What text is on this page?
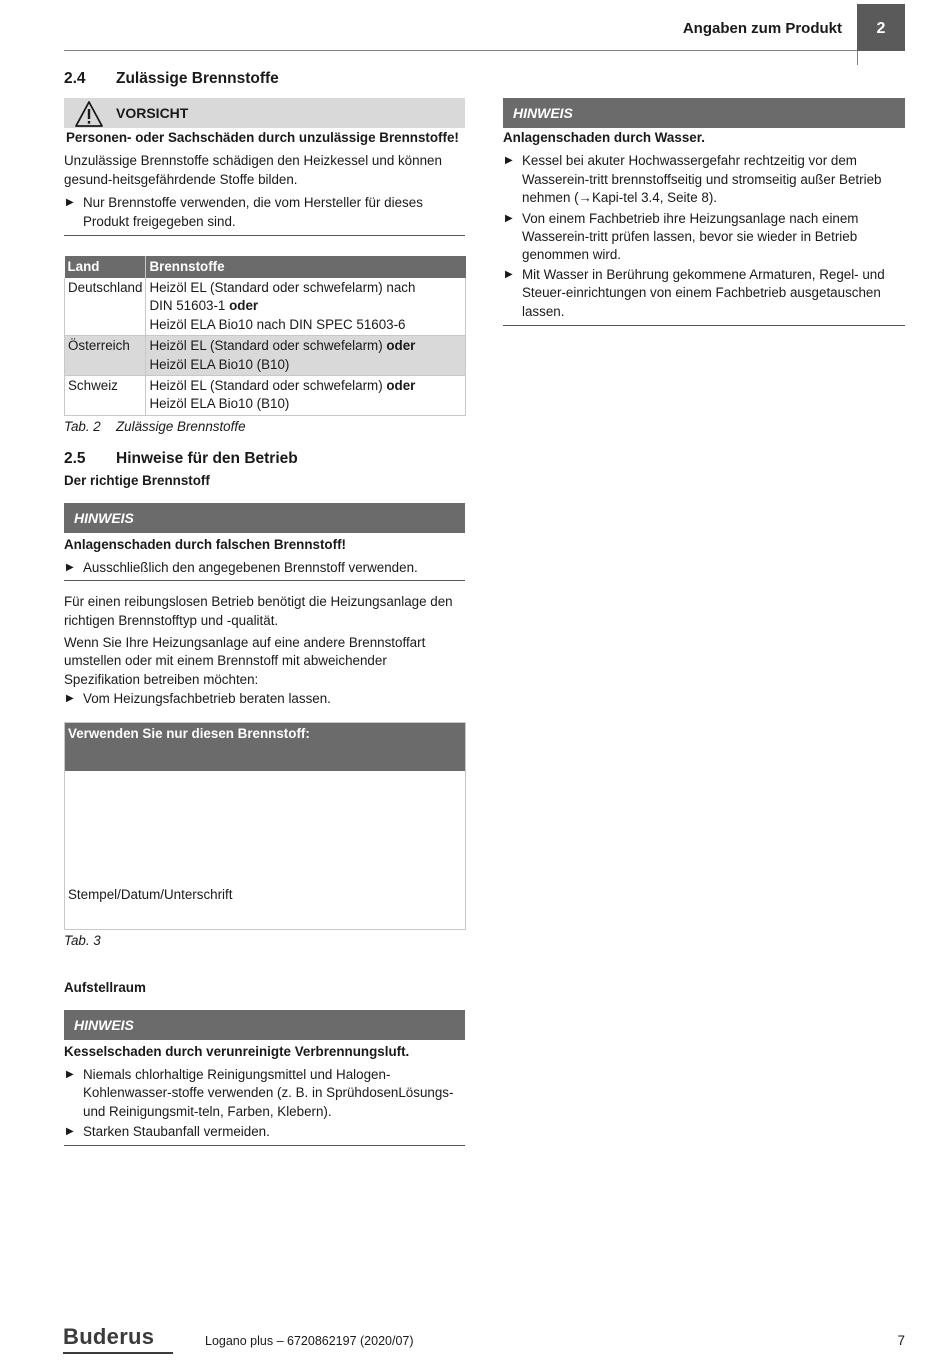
Angaben zum Produkt	2
2.4 Zulässige Brennstoffe
VORSICHT

Personen- oder Sachschäden durch unzulässige Brennstoffe!

Unzulässige Brennstoffe schädigen den Heizkessel und können gesund-heitsgefährdende Stoffe bilden.

▶ Nur Brennstoffe verwenden, die vom Hersteller für dieses Produkt freigegeben sind.
Land	Brennstoffe
Deutschland	Heizöl EL (Standard oder schwefelarm) nach
DIN 51603-1 oder
Heizöl ELA Bio10 nach DIN SPEC 51603-6

Österreich	Heizöl EL (Standard oder schwefelarm) oder
Heizöl ELA Bio10 (B10)

Schweiz	Heizöl EL (Standard oder schwefelarm) oder
Heizöl ELA Bio10 (B10)
Tab. 2 Zulässige Brennstoffe
2.5 Hinweise für den Betrieb

Der richtige Brennstoff

HINWEIS

Anlagenschaden durch falschen Brennstoff!

▶ Ausschließlich den angegebenen Brennstoff verwenden.

Für einen reibungslosen Betrieb benötigt die Heizungsanlage den richtigen Brennstofftyp und -qualität.

Wenn Sie Ihre Heizungsanlage auf eine andere Brennstoffart umstellen oder mit einem Brennstoff mit abweichender Spezifikation betreiben möchten:

▶ Vom Heizungsfachbetrieb beraten lassen.
Verwenden Sie nur diesen Brennstoff:
Stempel/Datum/Unterschrift
Tab. 3

Aufstellraum

HINWEIS

Kesselschaden durch verunreinigte Verbrennungsluft.

▶ Niemals chlorhaltige Reinigungsmittel und Halogen-Kohlenwasser-stoffe verwenden (z. B. in SprühdosenLösungs- und Reinigungsmit-teln, Farben, Klebern).
▶ Starken Staubanfall vermeiden.
HINWEIS

Anlagenschaden durch Wasser.

▶ Kessel bei akuter Hochwassergefahr rechtzeitig vor dem Wasserein-tritt brennstoffseitig und stromseitig außer Betrieb nehmen (→Kapi-tel 3.4, Seite 8).
▶ Von einem Fachbetrieb ihre Heizungsanlage nach einem Wasserein-tritt prüfen lassen, bevor sie wieder in Betrieb genommen wird.
▶ Mit Wasser in Berührung gekommene Armaturen, Regel- und Steuer-einrichtungen von einem Fachbetrieb ausgetauschen lassen.
Buderus	Logano plus – 6720862197 (2020/07)	7
